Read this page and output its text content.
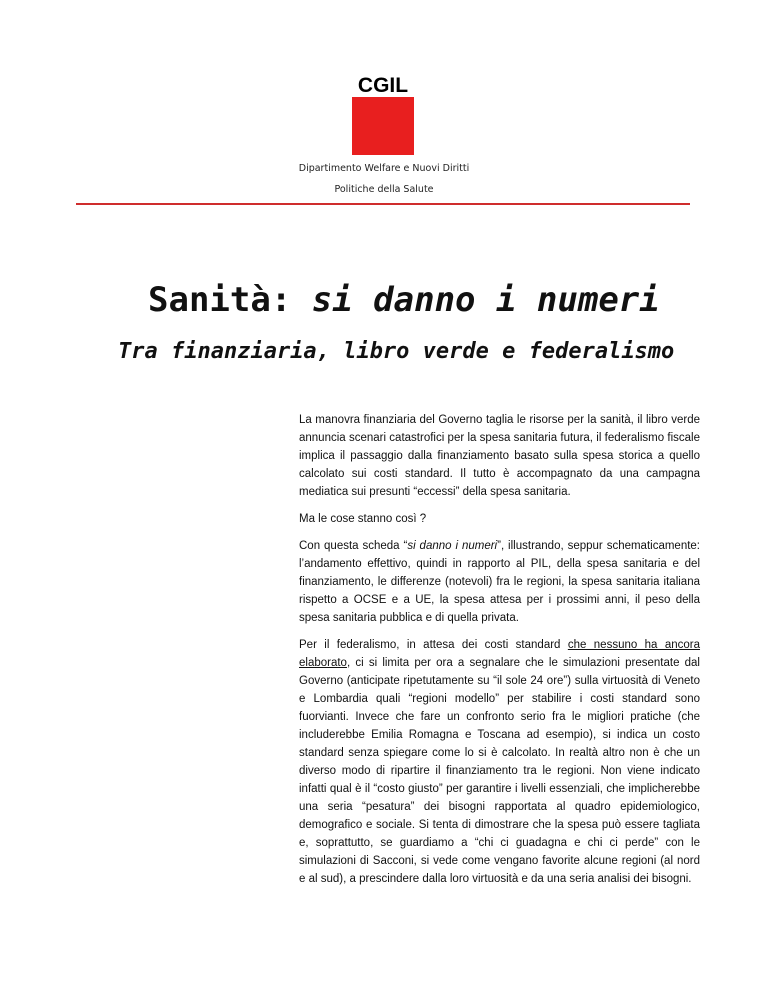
CGIL
Dipartimento Welfare e Nuovi Diritti
Politiche della Salute
Sanità: si danno i numeri
Tra finanziaria, libro verde e federalismo

La manovra finanziaria del Governo taglia le risorse per la sanità, il libro verde annuncia scenari catastrofici per la spesa sanitaria futura, il federalismo fiscale implica il passaggio dalla finanziamento basato sulla spesa storica a quello calcolato sui costi standard. Il tutto è accompagnato da una campagna mediatica sui presunti “eccessi” della spesa sanitaria.

Ma le cose stanno così ?

Con questa scheda “si danno i numeri”, illustrando, seppur schematicamente: l’andamento effettivo, quindi in rapporto al PIL, della spesa sanitaria e del finanziamento, le differenze (notevoli) fra le regioni, la spesa sanitaria italiana rispetto a OCSE e a UE, la spesa attesa per i prossimi anni, il peso della spesa sanitaria pubblica e di quella privata.

Per il federalismo, in attesa dei costi standard che nessuno ha ancora elaborato, ci si limita per ora a segnalare che le simulazioni presentate dal Governo (anticipate ripetutamente su “il sole 24 ore”) sulla virtuosità di Veneto e Lombardia quali “regioni modello” per stabilire i costi standard sono fuorvianti. Invece che fare un confronto serio fra le migliori pratiche (che includerebbe Emilia Romagna e Toscana ad esempio), si indica un costo standard senza spiegare come lo si è calcolato. In realtà altro non è che un diverso modo di ripartire il finanziamento tra le regioni. Non viene indicato infatti qual è il “costo giusto” per garantire i livelli essenziali, che implicherebbe una seria “pesatura” dei bisogni rapportata al quadro epidemiologico, demografico e sociale. Si tenta di dimostrare che la spesa può essere tagliata e, soprattutto, se guardiamo a “chi ci guadagna e chi ci perde” con le simulazioni di Sacconi, si vede come vengano favorite alcune regioni (al nord e al sud), a prescindere dalla loro virtuosità e da una seria analisi dei bisogni.
